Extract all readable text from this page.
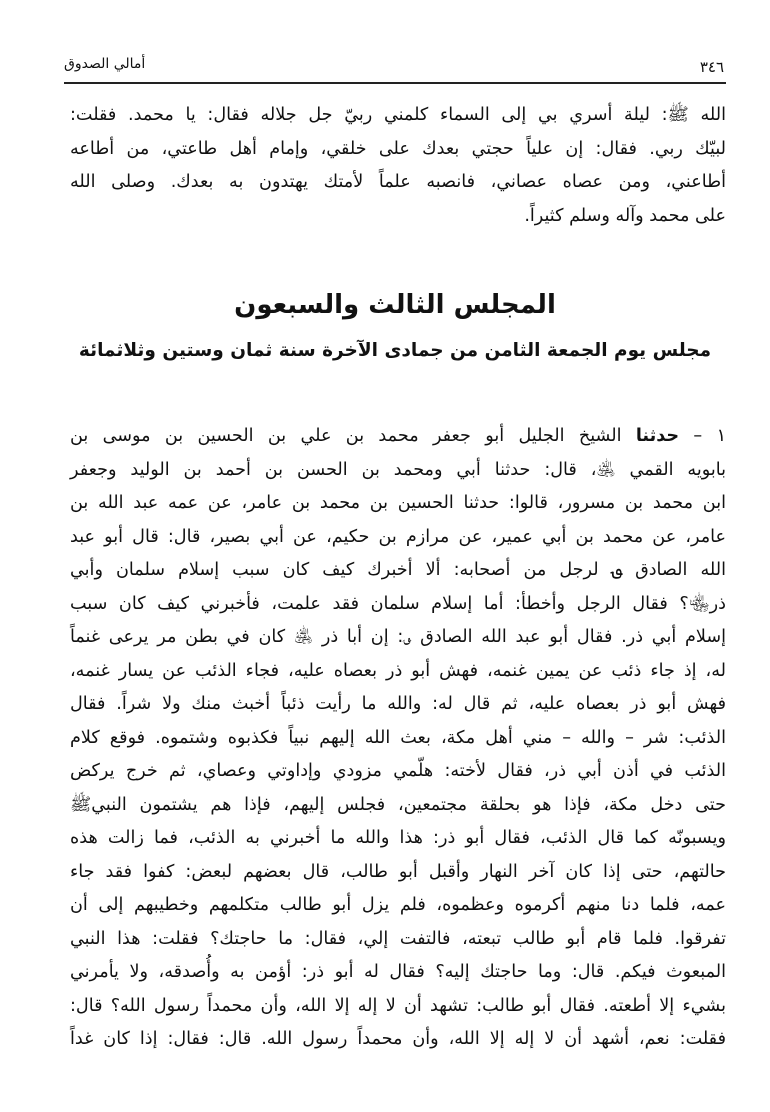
٣٤٦
أمالي الصدوق
الله ﷺ: ليلة أسري بي إلى السماء كلمني ربيّ جل جلاله فقال: يا محمد. فقلت:
لبيّك ربي. فقال: إن علياً حجتي بعدك على خلقي، وإمام أهل طاعتي، من أطاعه
أطاعني، ومن عصاه عصاني، فانصبه علماً لأمتك يهتدون به بعدك. وصلى الله
على محمد وآله وسلم كثيراً.
المجلس الثالث والسبعون
مجلس يوم الجمعة الثامن من جمادى الآخرة سنة ثمان وستين وثلاثمائة
١ – حدثنا الشيخ الجليل أبو جعفر محمد بن علي بن الحسين بن موسى بن
بابويه القمي ﵁، قال: حدثنا أبي ومحمد بن الحسن بن أحمد بن الوليد وجعفر
ابن محمد بن مسرور، قالوا: حدثنا الحسين بن محمد بن عامر، عن عمه عبد الله بن
عامر، عن محمد بن أبي عمير، عن مرازم بن حكيم، عن أبي بصير، قال: قال أبو عبد
الله الصادق ؈ لرجل من أصحابه: ألا أخبرك كيف كان سبب إسلام سلمان وأبي
ذر﵄؟ فقال الرجل وأخطأ: أما إسلام سلمان فقد علمت، فأخبرني كيف كان سبب
إسلام أبي ذر. فقال أبو عبد الله الصادق ؈: إن أبا ذر ﵁ كان في بطن مر يرعى غنماً
له، إذ جاء ذئب عن يمين غنمه، فهش أبو ذر بعصاه عليه، فجاء الذئب عن يسار غنمه،
فهش أبو ذر بعصاه عليه، ثم قال له: والله ما رأيت ذئباً أخبث منك ولا شراً. فقال
الذئب: شر – والله – مني أهل مكة، بعث الله إليهم نبياً فكذبوه وشتموه. فوقع كلام
الذئب في أذن أبي ذر، فقال لأخته: هلّمي مزودي وإداوتي وعصاي، ثم خرج يركض
حتى دخل مكة، فإذا هو بحلقة مجتمعين، فجلس إليهم، فإذا هم يشتمون النبيﷺ
ويسبونّه كما قال الذئب، فقال أبو ذر: هذا والله ما أخبرني به الذئب، فما زالت هذه
حالتهم، حتى إذا كان آخر النهار وأقبل أبو طالب، قال بعضهم لبعض: كفوا فقد جاء
عمه، فلما دنا منهم أكرموه وعظموه، فلم يزل أبو طالب متكلمهم وخطيبهم إلى أن
تفرقوا. فلما قام أبو طالب تبعته، فالتفت إلي، فقال: ما حاجتك؟ فقلت: هذا النبي
المبعوث فيكم. قال: وما حاجتك إليه؟ فقال له أبو ذر: أؤمن به وأُصدقه، ولا يأمرني
بشيء إلا أطعته. فقال أبو طالب: تشهد أن لا إله إلا الله، وأن محمداً رسول الله؟ قال:
فقلت: نعم، أشهد أن لا إله إلا الله، وأن محمداً رسول الله. قال: فقال: إذا كان غداً
